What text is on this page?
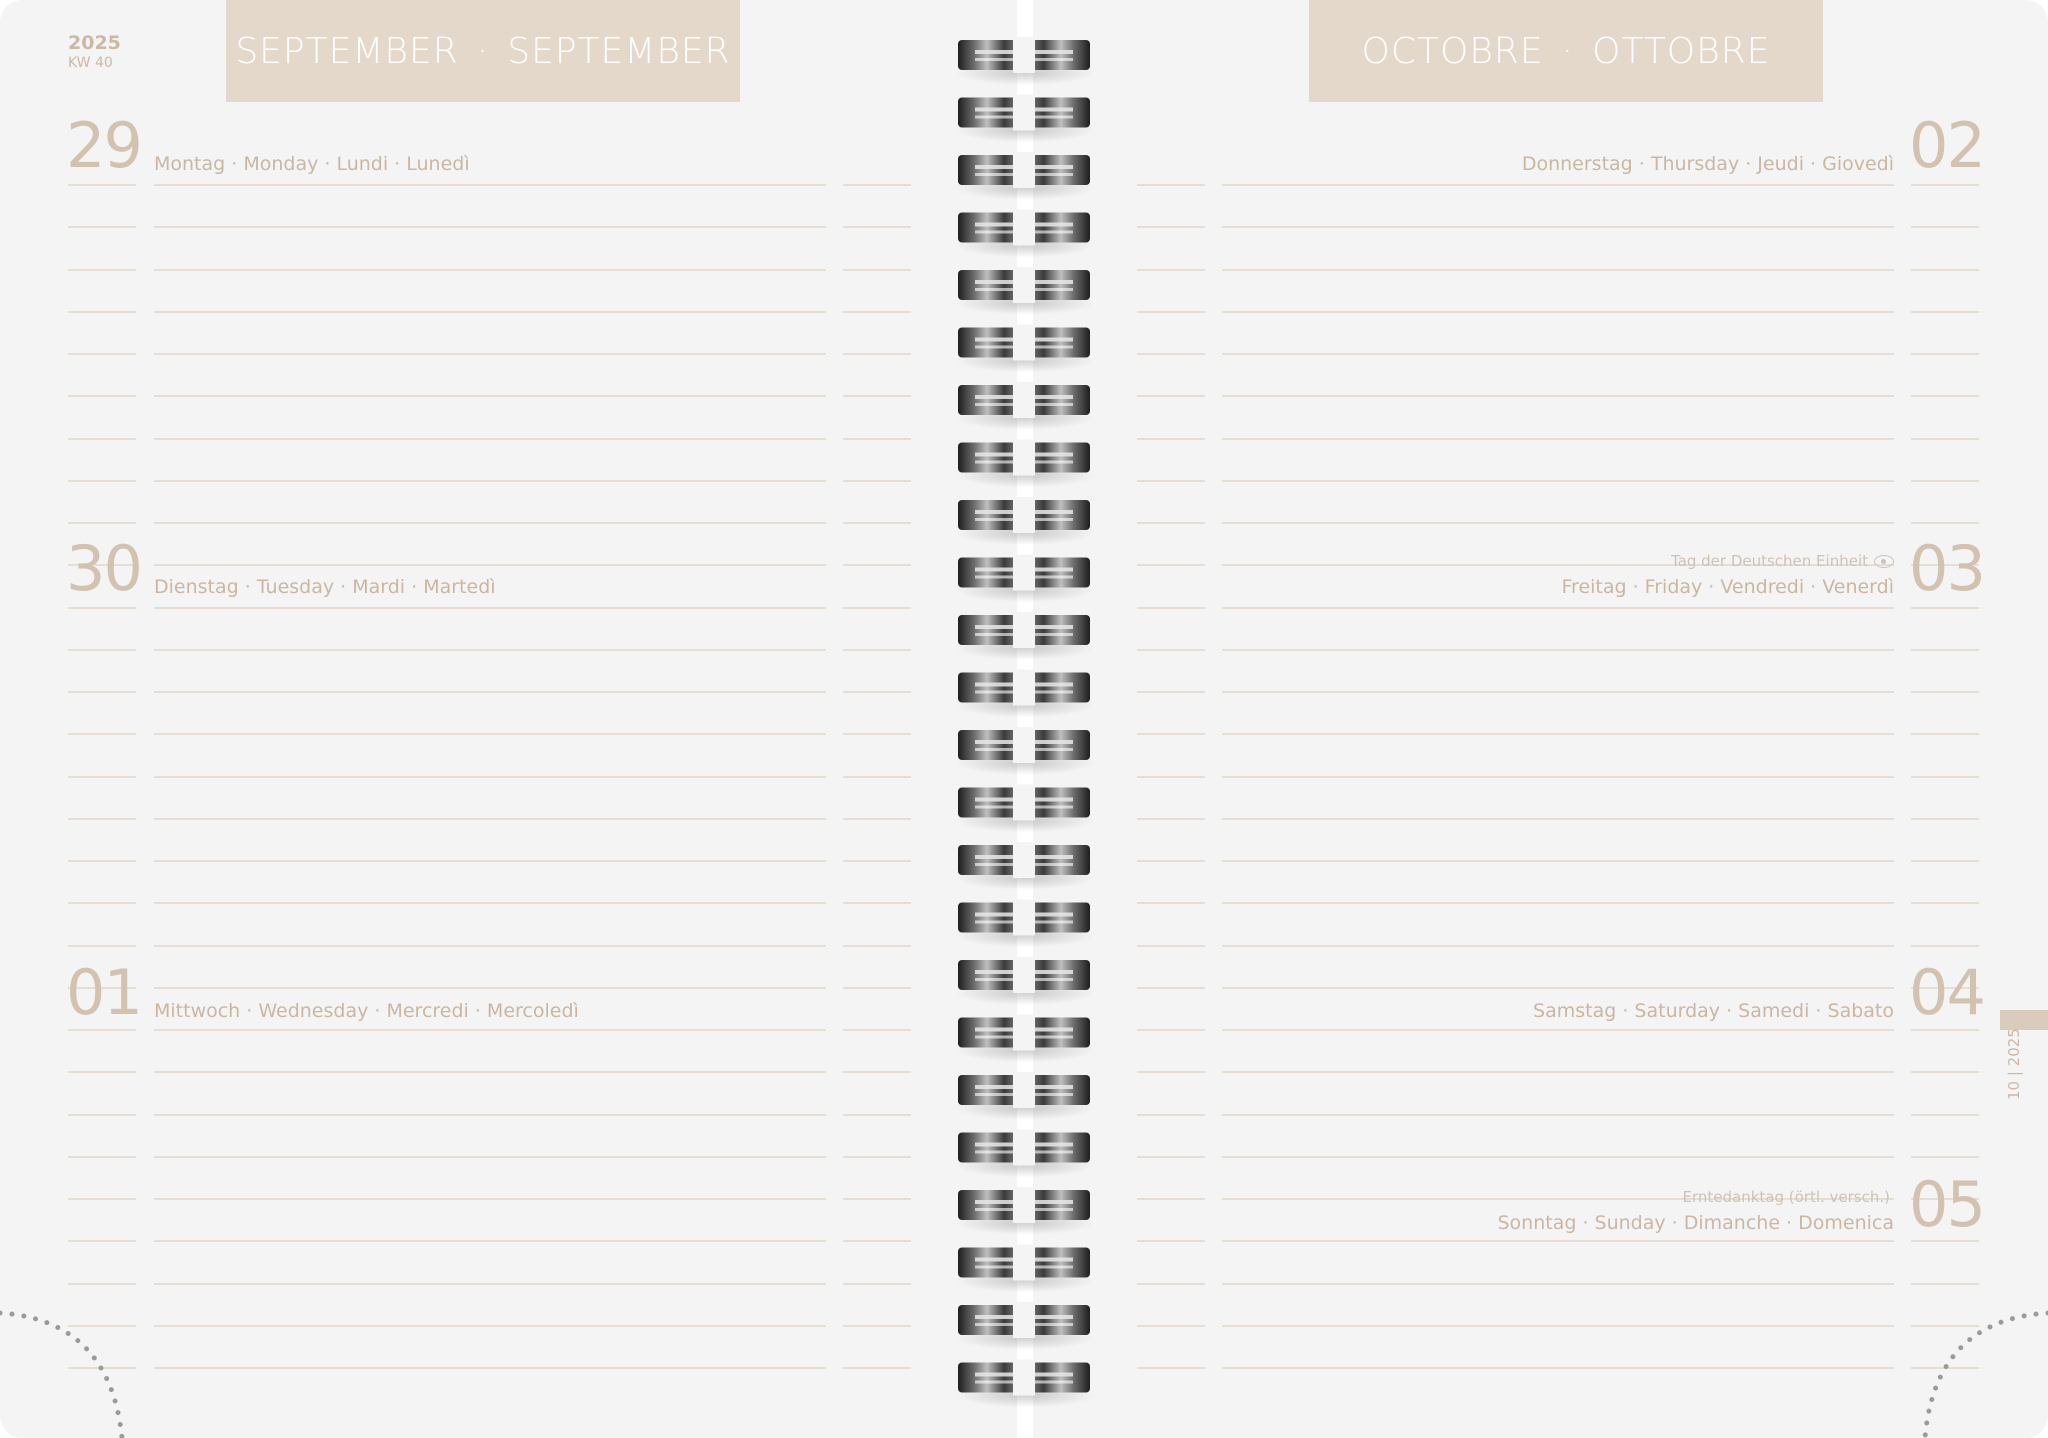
SEPTEMBER · SEPTEMBER	OCTOBRE · OTTOBRE
2025
KW 40
29 Montag · Monday · Lundi · Lunedì
30 Dienstag · Tuesday · Mardi · Martedì
01 Mittwoch · Wednesday · Mercredi · Mercoledì
02
Donnerstag · Thursday · Jeudi · Giovedì
03
Tag der Deutschen Einheit
Freitag · Friday · Vendredi · Venerdì
04
Samstag · Saturday · Samedi · Sabato
05
Erntedanktag (örtl. versch.)
Sonntag · Sunday · Dimanche · Domenica
10 | 2025
